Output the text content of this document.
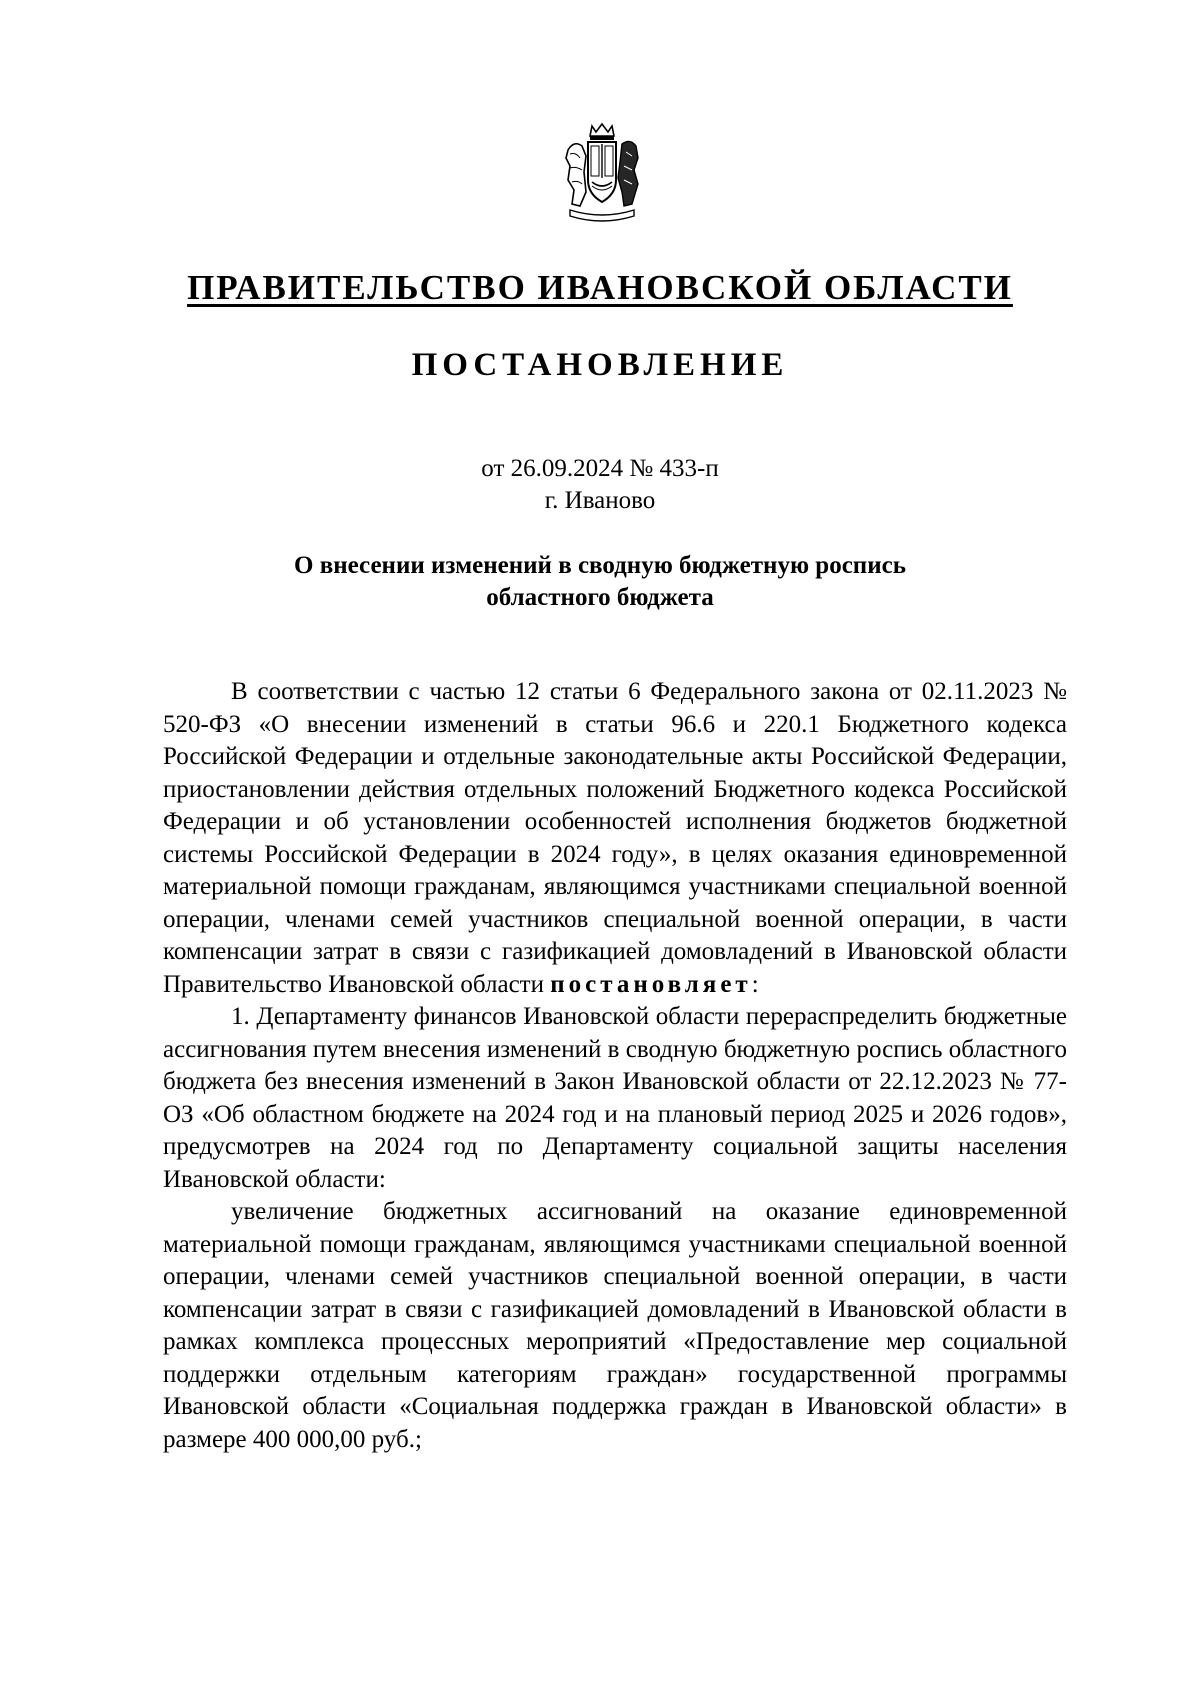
ПРАВИТЕЛЬСТВО ИВАНОВСКОЙ ОБЛАСТИ
ПОСТАНОВЛЕНИЕ
от 26.09.2024 № 433-п
г. Иваново
О внесении изменений в сводную бюджетную роспись
областного бюджета

В соответствии с частью 12 статьи 6 Федерального закона от 02.11.2023 № 520-ФЗ «О внесении изменений в статьи 96.6 и 220.1 Бюджетного кодекса Российской Федерации и отдельные законодательные акты Российской Федерации, приостановлении действия отдельных положений Бюджетного кодекса Российской Федерации и об установлении особенностей исполнения бюджетов бюджетной системы Российской Федерации в 2024 году», в целях оказания единовременной материальной помощи гражданам, являющимся участниками специальной военной операции, членами семей участников специальной военной операции, в части компенсации затрат в связи с газификацией домовладений в Ивановской области Правительство Ивановской области постановляет:

1. Департаменту финансов Ивановской области перераспределить бюджетные ассигнования путем внесения изменений в сводную бюджетную роспись областного бюджета без внесения изменений в Закон Ивановской области от 22.12.2023 № 77-ОЗ «Об областном бюджете на 2024 год и на плановый период 2025 и 2026 годов», предусмотрев на 2024 год по Департаменту социальной защиты населения Ивановской области:

увеличение бюджетных ассигнований на оказание единовременной материальной помощи гражданам, являющимся участниками специальной военной операции, членами семей участников специальной военной операции, в части компенсации затрат в связи с газификацией домовладений в Ивановской области в рамках комплекса процессных мероприятий «Предоставление мер социальной поддержки отдельным категориям граждан» государственной программы Ивановской области «Социальная поддержка граждан в Ивановской области» в размере 400 000,00 руб.;
